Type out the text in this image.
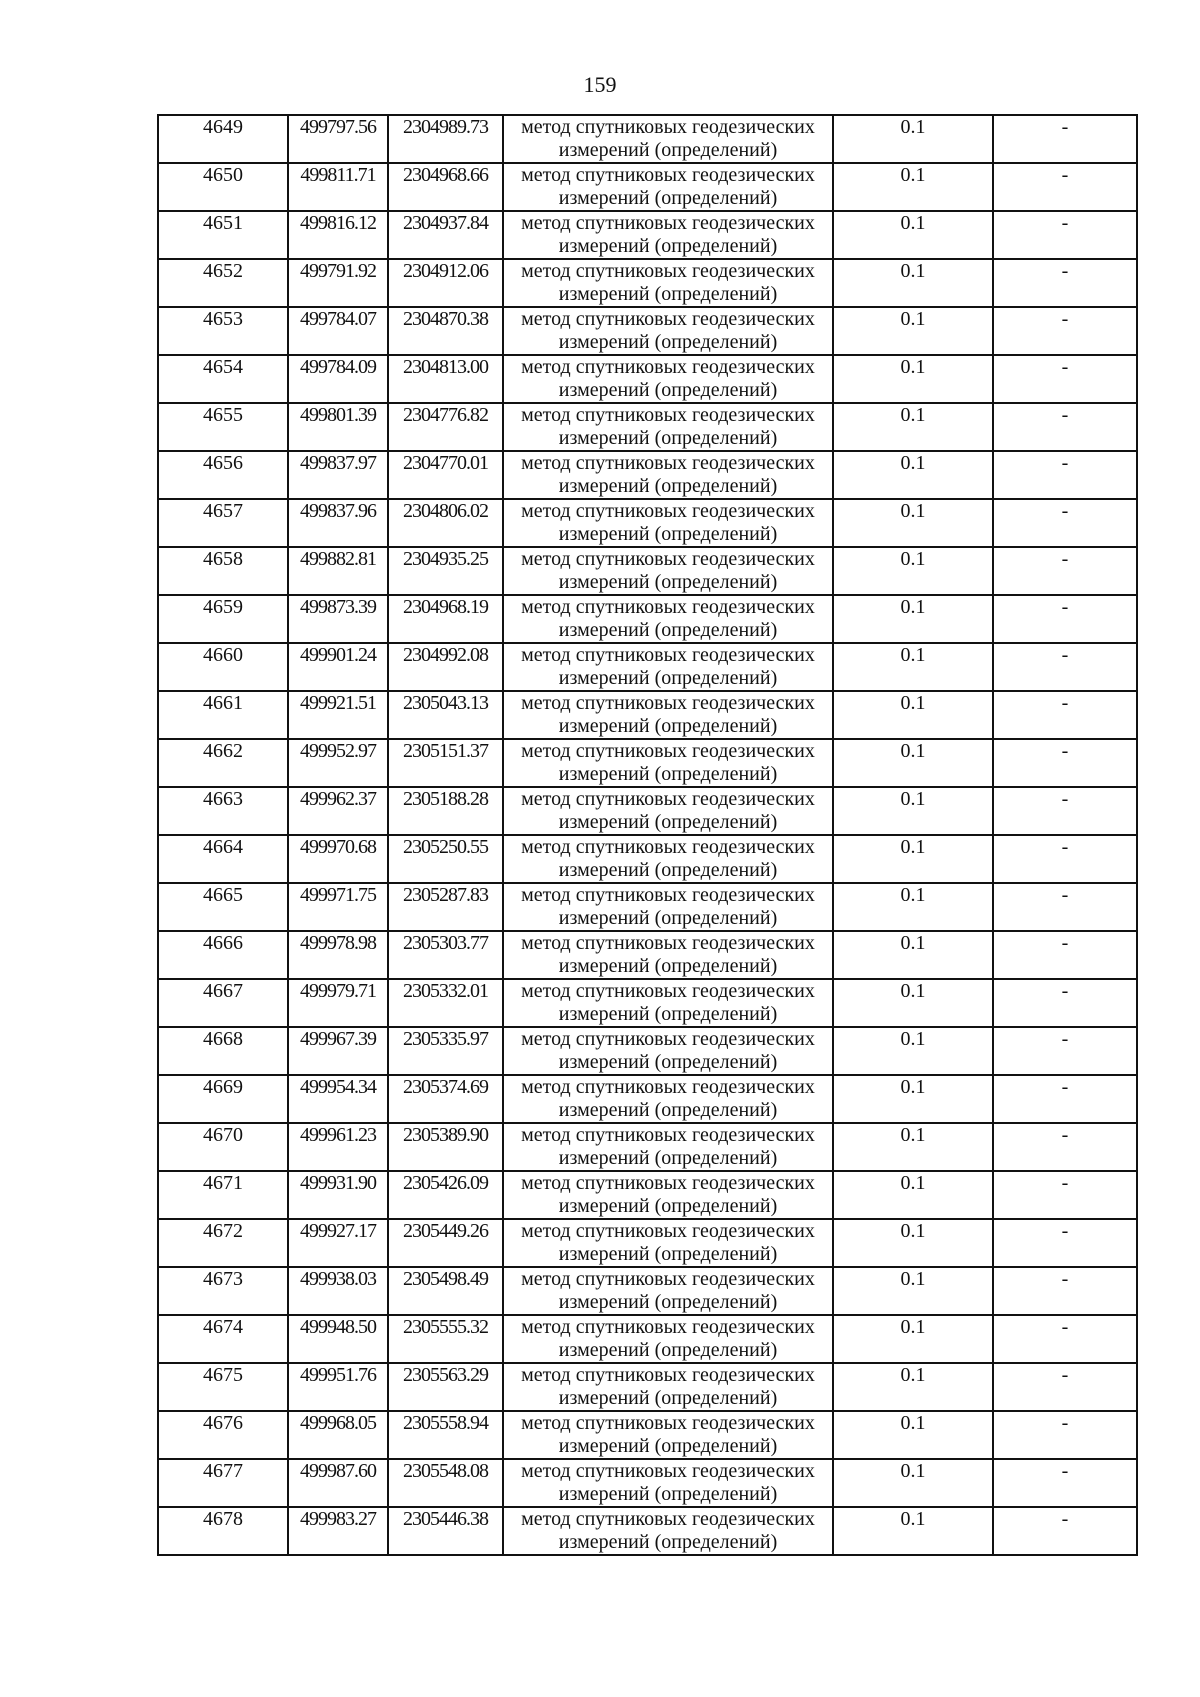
159
4649	499797.56	2304989.73	метод спутниковых геодезических
измерений (определений)	0.1	-
4650	499811.71	2304968.66	метод спутниковых геодезических
измерений (определений)	0.1	-
4651	499816.12	2304937.84	метод спутниковых геодезических
измерений (определений)	0.1	-
4652	499791.92	2304912.06	метод спутниковых геодезических
измерений (определений)	0.1	-
4653	499784.07	2304870.38	метод спутниковых геодезических
измерений (определений)	0.1	-
4654	499784.09	2304813.00	метод спутниковых геодезических
измерений (определений)	0.1	-
4655	499801.39	2304776.82	метод спутниковых геодезических
измерений (определений)	0.1	-
4656	499837.97	2304770.01	метод спутниковых геодезических
измерений (определений)	0.1	-
4657	499837.96	2304806.02	метод спутниковых геодезических
измерений (определений)	0.1	-
4658	499882.81	2304935.25	метод спутниковых геодезических
измерений (определений)	0.1	-
4659	499873.39	2304968.19	метод спутниковых геодезических
измерений (определений)	0.1	-
4660	499901.24	2304992.08	метод спутниковых геодезических
измерений (определений)	0.1	-
4661	499921.51	2305043.13	метод спутниковых геодезических
измерений (определений)	0.1	-
4662	499952.97	2305151.37	метод спутниковых геодезических
измерений (определений)	0.1	-
4663	499962.37	2305188.28	метод спутниковых геодезических
измерений (определений)	0.1	-
4664	499970.68	2305250.55	метод спутниковых геодезических
измерений (определений)	0.1	-
4665	499971.75	2305287.83	метод спутниковых геодезических
измерений (определений)	0.1	-
4666	499978.98	2305303.77	метод спутниковых геодезических
измерений (определений)	0.1	-
4667	499979.71	2305332.01	метод спутниковых геодезических
измерений (определений)	0.1	-
4668	499967.39	2305335.97	метод спутниковых геодезических
измерений (определений)	0.1	-
4669	499954.34	2305374.69	метод спутниковых геодезических
измерений (определений)	0.1	-
4670	499961.23	2305389.90	метод спутниковых геодезических
измерений (определений)	0.1	-
4671	499931.90	2305426.09	метод спутниковых геодезических
измерений (определений)	0.1	-
4672	499927.17	2305449.26	метод спутниковых геодезических
измерений (определений)	0.1	-
4673	499938.03	2305498.49	метод спутниковых геодезических
измерений (определений)	0.1	-
4674	499948.50	2305555.32	метод спутниковых геодезических
измерений (определений)	0.1	-
4675	499951.76	2305563.29	метод спутниковых геодезических
измерений (определений)	0.1	-
4676	499968.05	2305558.94	метод спутниковых геодезических
измерений (определений)	0.1	-
4677	499987.60	2305548.08	метод спутниковых геодезических
измерений (определений)	0.1	-
4678	499983.27	2305446.38	метод спутниковых геодезических
измерений (определений)	0.1	-
